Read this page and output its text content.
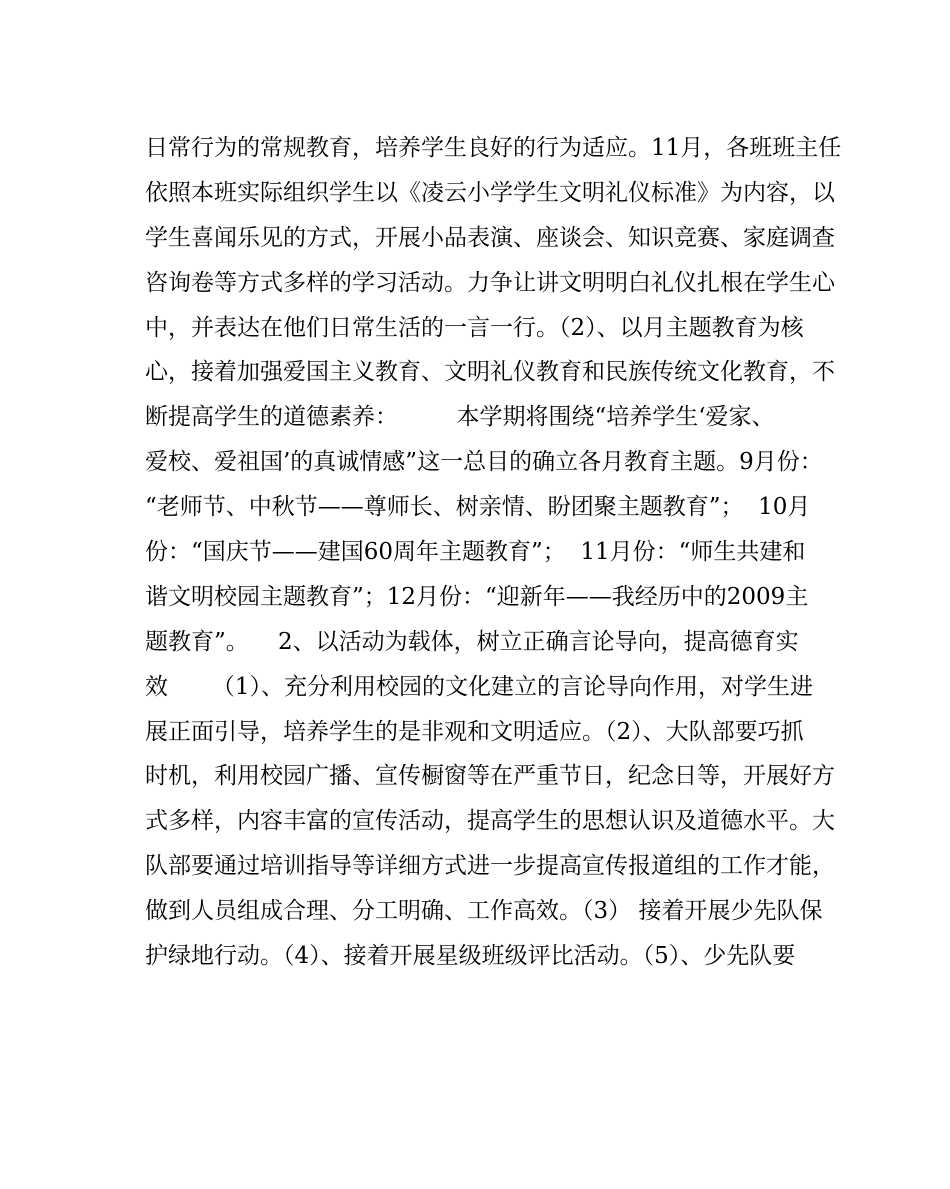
日常行为的常规教育，培养学生良好的行为适应。11月，各班班主任
依照本班实际组织学生以《凌云小学学生文明礼仪标准》为内容，以
学生喜闻乐见的方式，开展小品表演、座谈会、知识竞赛、家庭调查
咨询卷等方式多样的学习活动。力争让讲文明明白礼仪扎根在学生心
中，并表达在他们日常生活的一言一行。（2）、以月主题教育为核
心，接着加强爱国主义教育、文明礼仪教育和民族传统文化教育，不
断提高学生的道德素养：        本学期将围绕“培养学生‘爱家、
爱校、爱祖国’的真诚情感”这一总目的确立各月教育主题。9月份：
“老师节、中秋节——尊师长、树亲情、盼团聚主题教育”；  10月
份：“国庆节——建国60周年主题教育”；  11月份：“师生共建和
谐文明校园主题教育”；12月份：“迎新年——我经历中的2009主
题教育”。    2、以活动为载体，树立正确言论导向，提高德育实
效      （1）、充分利用校园的文化建立的言论导向作用，对学生进
展正面引导，培养学生的是非观和文明适应。（2）、大队部要巧抓
时机，利用校园广播、宣传橱窗等在严重节日，纪念日等，开展好方
式多样，内容丰富的宣传活动，提高学生的思想认识及道德水平。大
队部要通过培训指导等详细方式进一步提高宣传报道组的工作才能，
做到人员组成合理、分工明确、工作高效。（3） 接着开展少先队保
护绿地行动。（4）、接着开展星级班级评比活动。（5）、少先队要
